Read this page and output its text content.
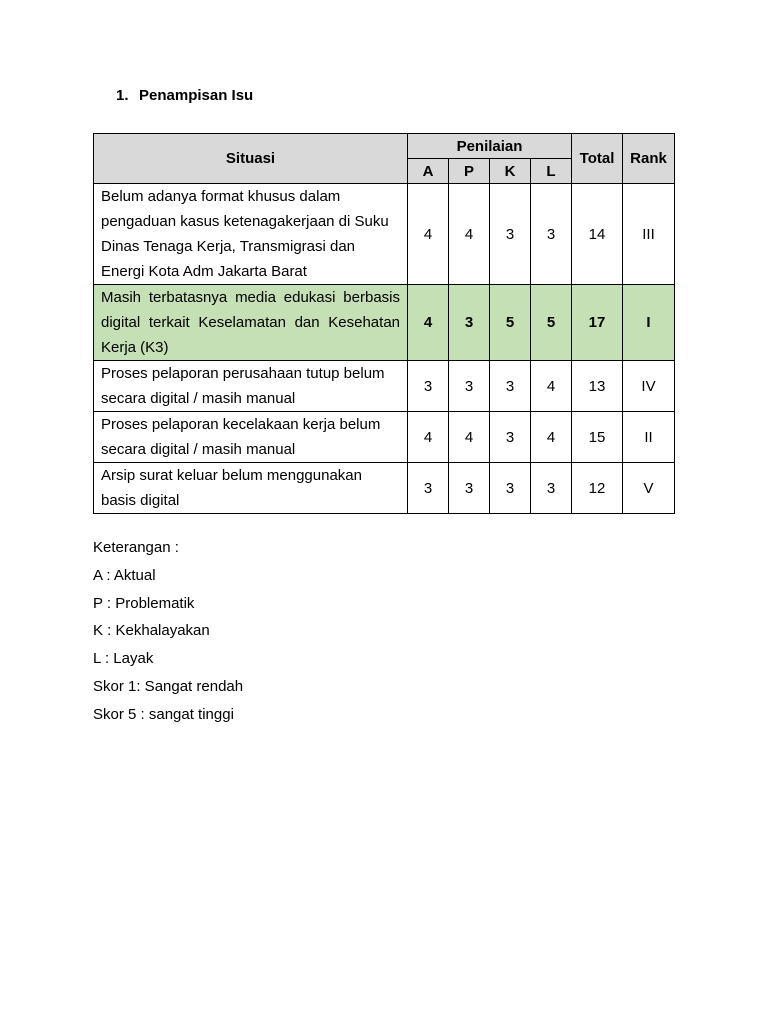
1. Penampisan Isu
Situasi	Penilaian				Total	Rank
	A	P	K	L		
Belum adanya format khusus dalam pengaduan kasus ketenagakerjaan di Suku Dinas Tenaga Kerja, Transmigrasi dan Energi Kota Adm Jakarta Barat	4	4	3	3	14	III
Masih terbatasnya media edukasi berbasis digital terkait Keselamatan dan Kesehatan Kerja (K3)	4	3	5	5	17	I
Proses pelaporan perusahaan tutup belum secara digital / masih manual	3	3	3	4	13	IV
Proses pelaporan kecelakaan kerja belum secara digital / masih manual	4	4	3	4	15	II
Arsip surat keluar belum menggunakan basis digital	3	3	3	3	12	V
Keterangan :
A : Aktual
P : Problematik
K : Kekhalayakan
L : Layak
Skor 1: Sangat rendah
Skor 5 : sangat tinggi
